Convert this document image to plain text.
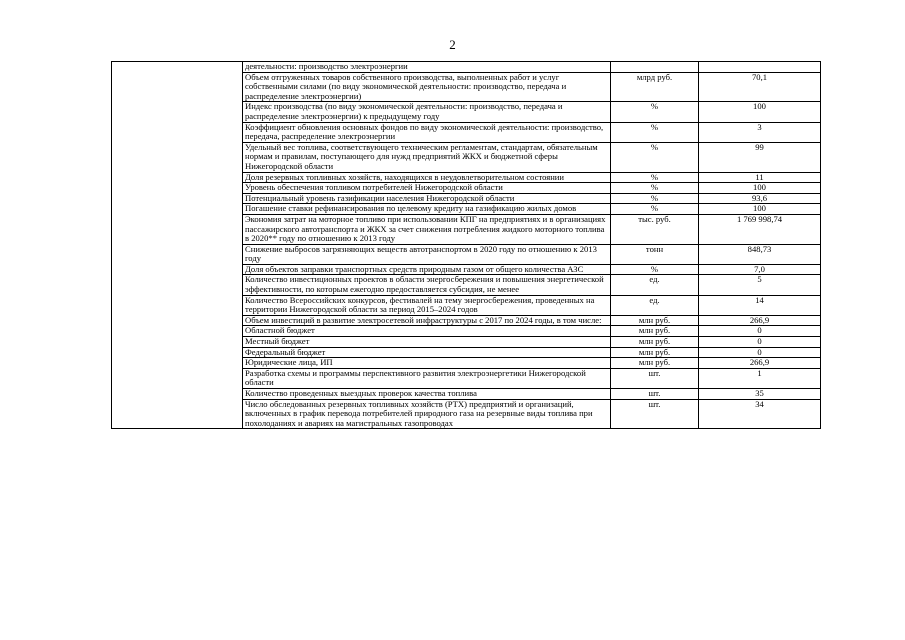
2
	деятельности: производство электроэнергии		
	Объем отгруженных товаров собственного производства, выполненных работ и услуг собственными силами (по виду экономической деятельности: производство, передача и распределение электроэнергии)	млрд руб.	70,1
	Индекс производства (по виду экономической деятельности: производство, передача и распределение электроэнергии) к предыдущему году	%	100
	Коэффициент обновления основных фондов по виду экономической деятельности: производство, передача, распределение электроэнергии	%	3
	Удельный вес топлива, соответствующего техническим регламентам, стандартам, обязательным нормам и правилам, поступающего для нужд предприятий ЖКХ и бюджетной сферы Нижегородской области	%	99
	Доля резервных топливных хозяйств, находящихся в неудовлетворительном состоянии	%	11
	Уровень обеспечения топливом потребителей Нижегородской области	%	100
	Потенциальный уровень газификации населения Нижегородской области	%	93,6
	Погашение ставки рефинансирования по целевому кредиту на газификацию жилых домов	%	100
	Экономия затрат на моторное топливо при использовании КПГ на предприятиях и в организациях пассажирского автотранспорта и ЖКХ за счет снижения потребления жидкого моторного топлива в 2020** году по отношению к 2013 году	тыс. руб.	1 769 998,74
	Снижение выбросов загрязняющих веществ автотранспортом в 2020 году по отношению к 2013 году	тонн	848,73
	Доля объектов заправки транспортных средств природным газом от общего количества АЗС	%	7,0
	Количество инвестиционных проектов в области энергосбережения и повышения энергетической эффективности, по которым ежегодно предоставляется субсидия, не менее	ед.	5
	Количество Всероссийских конкурсов, фестивалей на тему энергосбережения, проведенных на территории Нижегородской области за период 2015–2024 годов	ед.	14
	Объем инвестиций в развитие электросетевой инфраструктуры с 2017 по 2024 годы, в том числе:	млн руб.	266,9
	Областной бюджет	млн руб.	0
	Местный бюджет	млн руб.	0
	Федеральный бюджет	млн руб.	0
	Юридические лица, ИП	млн руб.	266,9
	Разработка схемы и программы перспективного развития электроэнергетики Нижегородской области	шт.	1
	Количество проведенных выездных проверок качества топлива	шт.	35
	Число обследованных резервных топливных хозяйств (РТХ) предприятий и организаций, включенных в график перевода потребителей природного газа на резервные виды топлива при похолоданиях и авариях на магистральных газопроводах	шт.	34
